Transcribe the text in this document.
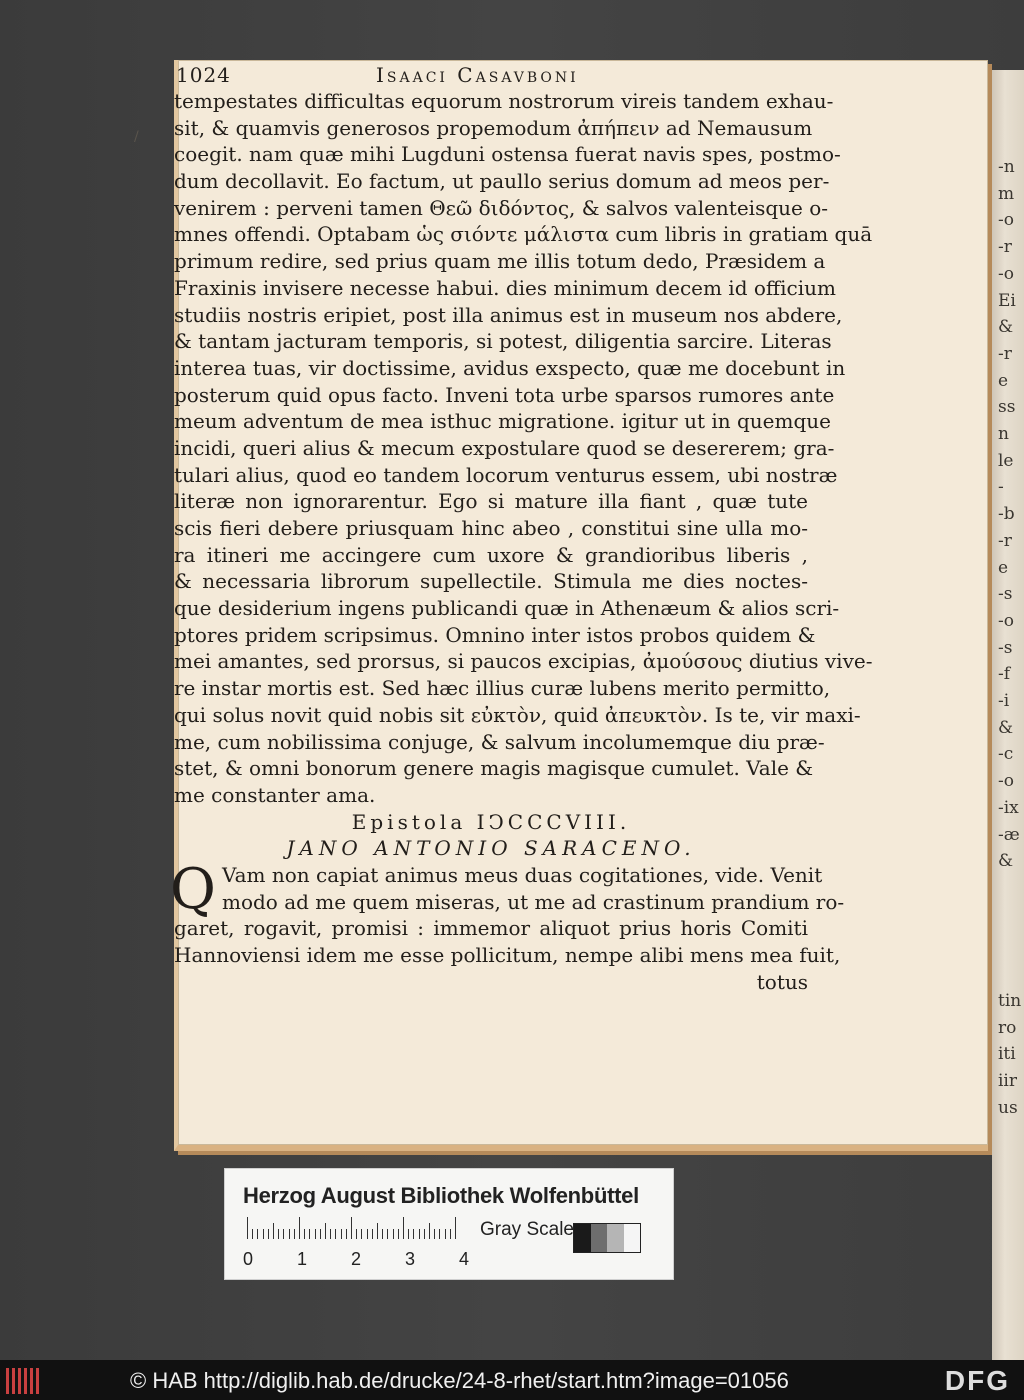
-n
m
-o
-r
-o
Ei
&
-r
e
ss
n
le
-
-b
-r
e
-s
-o
-s
-f
-i
&
-c
-o
-ix
-æ
&
tin
ro
iti
iir
us
1024	Isaaci Casavboni
/
tempestates difficultas equorum nostrorum vireis tandem exhau-
sit, & quamvis generosos propemodum ἀπήπειν ad Nemausum
coegit. nam quæ mihi Lugduni ostensa fuerat navis spes, postmo-
dum decollavit. Eo factum, ut paullo serius domum ad meos per-
venirem : perveni tamen Θεῶ διδόντος, & salvos valenteisque o-
mnes offendi. Optabam ὡς σιόντε μάλιστα cum libris in gratiam quā
primum redire, sed prius quam me illis totum dedo, Præsidem a
Fraxinis invisere necesse habui. dies minimum decem id officium
studiis nostris eripiet, post illa animus est in museum nos abdere,
& tantam jacturam temporis, si potest, diligentia sarcire. Literas
interea tuas, vir doctissime, avidus exspecto, quæ me docebunt in
posterum quid opus facto. Inveni tota urbe sparsos rumores ante
meum adventum de mea isthuc migratione. igitur ut in quemque
incidi, queri alius & mecum expostulare quod se desererem; gra-
tulari alius, quod eo tandem locorum venturus essem, ubi nostræ
literæ non ignorarentur. Ego si mature illa fiant , quæ tute
scis fieri debere priusquam hinc abeo , constitui sine ulla mo-
ra itineri me accingere cum uxore & grandioribus liberis ,
& necessaria librorum supellectile. Stimula me dies noctes-
que desiderium ingens publicandi quæ in Athenæum & alios scri-
ptores pridem scripsimus. Omnino inter istos probos quidem &
mei amantes, sed prorsus, si paucos excipias, ἀμούσους diutius vive-
re instar mortis est. Sed hæc illius curæ lubens merito permitto,
qui solus novit quid nobis sit εὐκτὸν, quid ἀπευκτὸν. Is te, vir maxi-
me, cum nobilissima conjuge, & salvum incolumemque diu præ-
stet, & omni bonorum genere magis magisque cumulet. Vale &
me constanter ama.
Epistola IↃCCCVIII.
JANO ANTONIO SARACENO.
Q Vam non capiat animus meus duas cogitationes, vide. Venit
modo ad me quem miseras, ut me ad crastinum prandium ro-
garet, rogavit, promisi : immemor aliquot prius horis Comiti
Hannoviensi idem me esse pollicitum, nempe alibi mens mea fuit,
totus
Herzog August Bibliothek Wolfenbüttel
0 1 2 3 4
Gray Scale
© HAB http://diglib.hab.de/drucke/24-8-rhet/start.htm?image=01056	DFG
